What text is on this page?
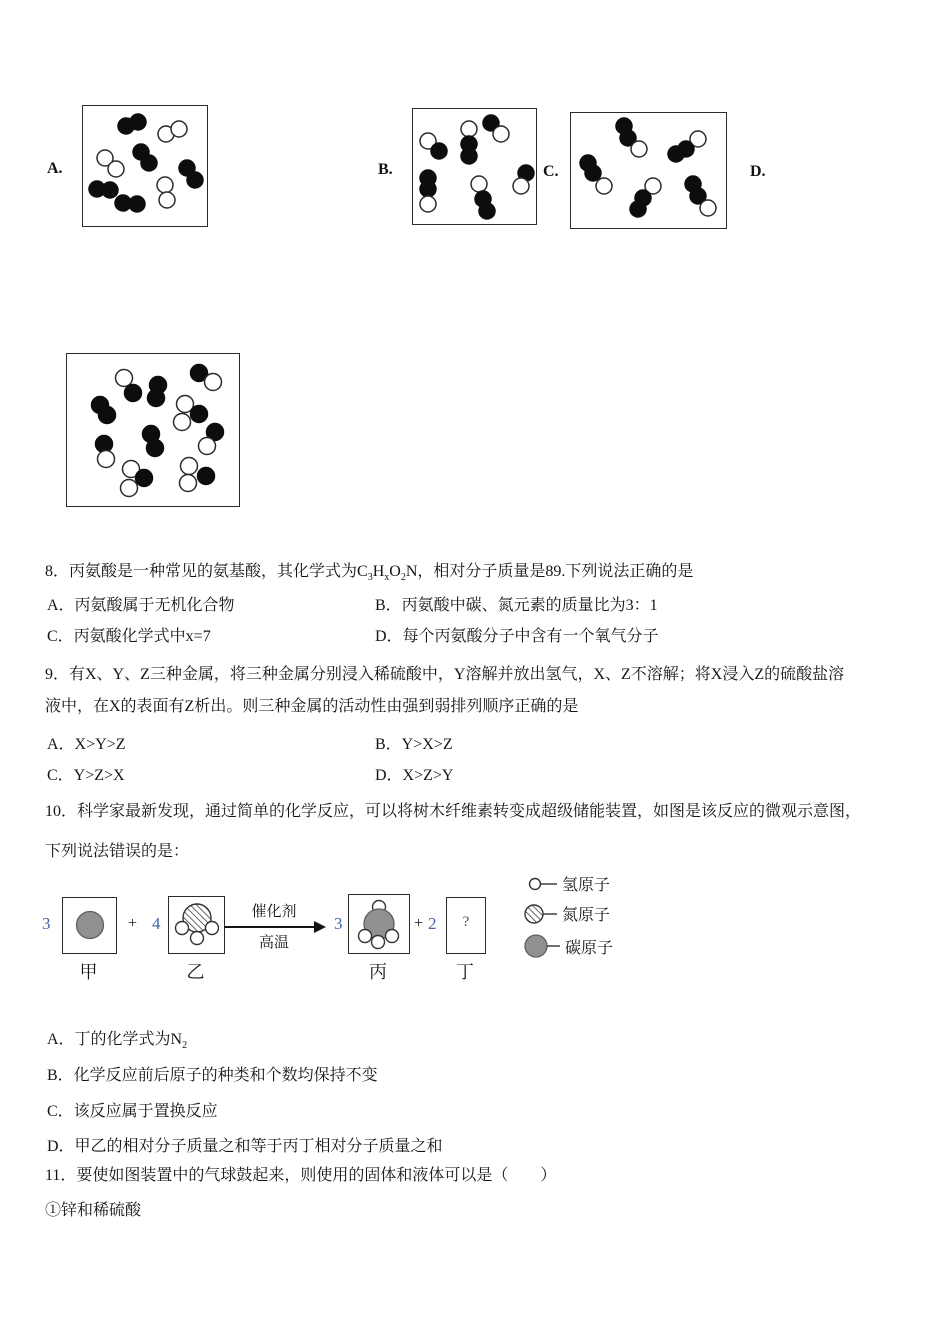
A.	B.	C.	D.
8．丙氨酸是一种常见的氨基酸，其化学式为$C_3H_xO_2N$，相对分子质量是89.下列说法正确的是
A．丙氨酸属于无机化合物	B．丙氨酸中碳、氮元素的质量比为3：1
C．丙氨酸化学式中x=7	D．每个丙氨酸分子中含有一个氧气分子
9．有X、Y、Z三种金属，将三种金属分别浸入稀硫酸中，Y溶解并放出氢气，X、Z不溶解；将X浸入Z的硫酸盐溶
液中，在X的表面有Z析出。则三种金属的活动性由强到弱排列顺序正确的是
A．X>Y>Z	B．Y>X>Z
C．Y>Z>X	D．X>Z>Y
10．科学家最新发现，通过简单的化学反应，可以将树木纤维素转变成超级储能装置，如图是该反应的微观示意图，
下列说法错误的是：
3	+ 4
催化剂
高温
3	+ 2	?
甲	乙	丙	丁
氢原子
氮原子
碳原子
A．丁的化学式为$N_2$
B．化学反应前后原子的种类和个数均保持不变
C．该反应属于置换反应
D．甲乙的相对分子质量之和等于丙丁相对分子质量之和
11．要使如图装置中的气球鼓起来，则使用的固体和液体可以是（　　）
①锌和稀硫酸
